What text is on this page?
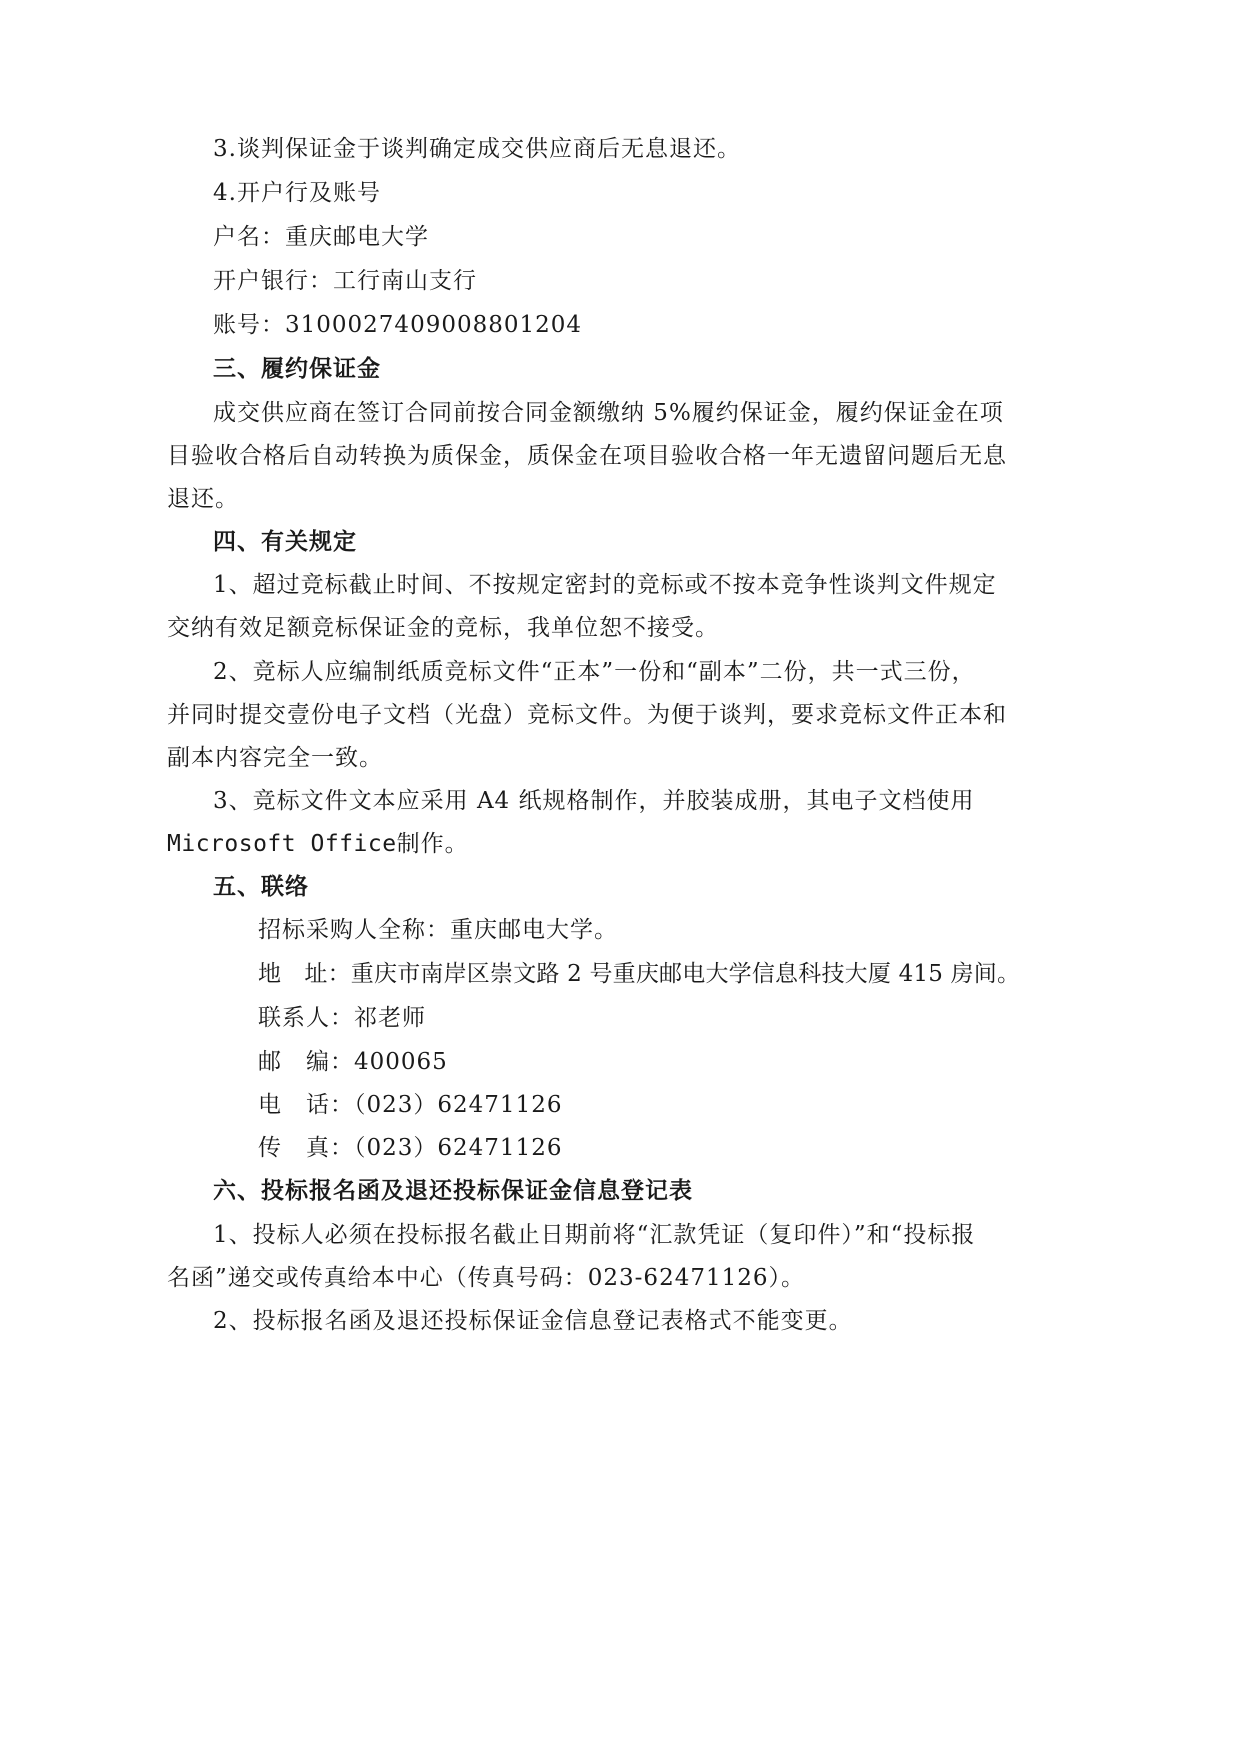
3.谈判保证金于谈判确定成交供应商后无息退还。
4.开户行及账号
户名：重庆邮电大学
开户银行：工行南山支行
账号：3100027409008801204
三、履约保证金
成交供应商在签订合同前按合同金额缴纳 5%履约保证金，履约保证金在项
目验收合格后自动转换为质保金，质保金在项目验收合格一年无遗留问题后无息
退还。
四、有关规定
1、超过竞标截止时间、不按规定密封的竞标或不按本竞争性谈判文件规定
交纳有效足额竞标保证金的竞标，我单位恕不接受。
2、竞标人应编制纸质竞标文件“正本”一份和“副本”二份，共一式三份，
并同时提交壹份电子文档（光盘）竞标文件。为便于谈判，要求竞标文件正本和
副本内容完全一致。
3、竞标文件文本应采用 A4 纸规格制作，并胶装成册，其电子文档使用
Microsoft Office制作。
五、联络
招标采购人全称：重庆邮电大学。
地　址：重庆市南岸区崇文路 2 号重庆邮电大学信息科技大厦 415 房间。
联系人：祁老师
邮　编：400065
电　话：（023）62471126
传　真：（023）62471126
六、投标报名函及退还投标保证金信息登记表
1、投标人必须在投标报名截止日期前将“汇款凭证（复印件）”和“投标报
名函”递交或传真给本中心（传真号码：023-62471126）。
2、投标报名函及退还投标保证金信息登记表格式不能变更。
